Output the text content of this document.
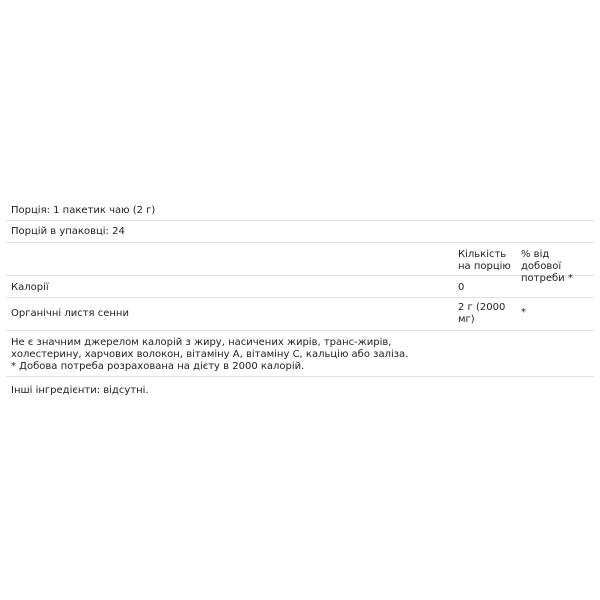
Порція: 1 пакетик чаю (2 г)
Порцій в упаковці: 24
Кількість на порцію
% від добової потреби *
Калорії	0
Органічні листя сенни
2 г (2000 мг)
*
Не є значним джерелом калорій з жиру, насичених жирів, транс-жирів, холестерину, харчових волокон, вітаміну A, вітаміну C, кальцію або заліза.
* Добова потреба розрахована на дієту в 2000 калорій.
Інші інгредієнти: відсутні.
